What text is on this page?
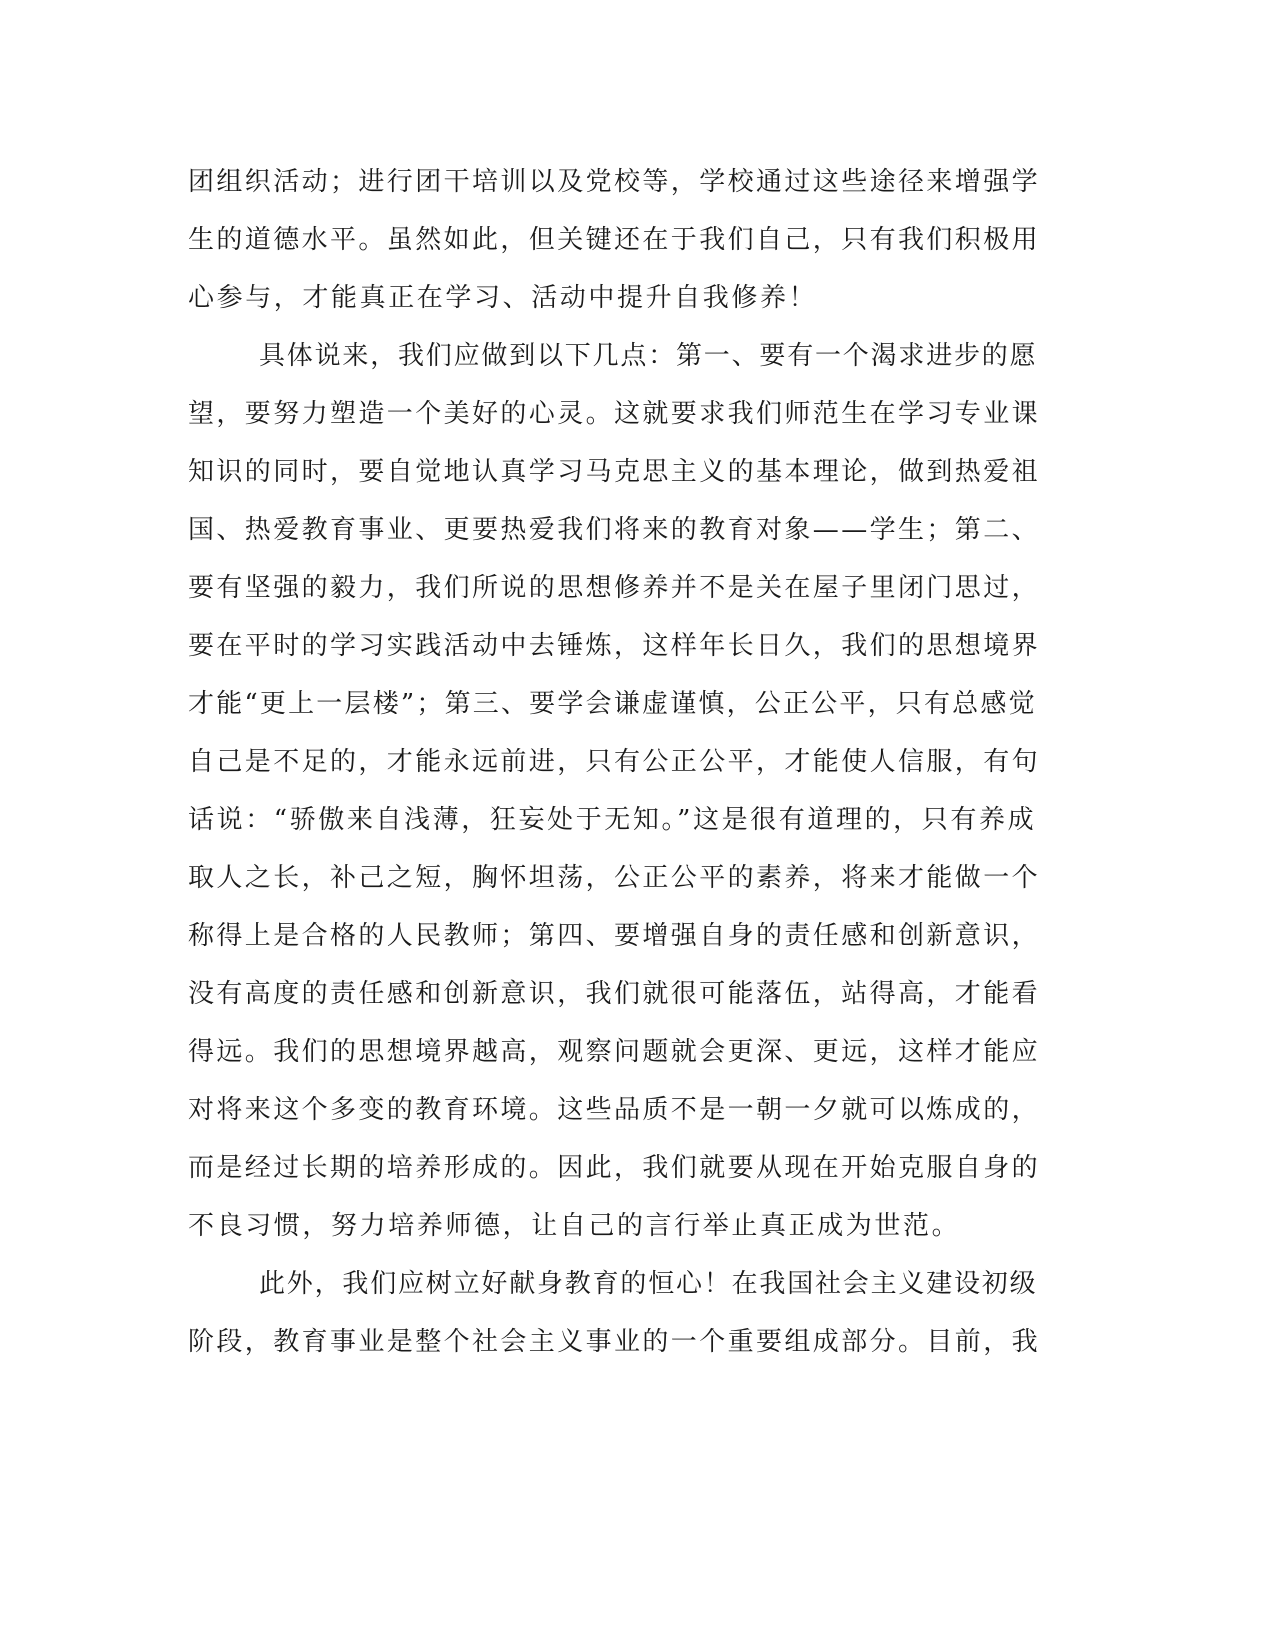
团组织活动；进行团干培训以及党校等，学校通过这些途径来增强学
生的道德水平。虽然如此，但关键还在于我们自己，只有我们积极用
心参与，才能真正在学习、活动中提升自我修养！
具体说来，我们应做到以下几点：第一、要有一个渴求进步的愿
望，要努力塑造一个美好的心灵。这就要求我们师范生在学习专业课
知识的同时，要自觉地认真学习马克思主义的基本理论，做到热爱祖
国、热爱教育事业、更要热爱我们将来的教育对象——学生；第二、
要有坚强的毅力，我们所说的思想修养并不是关在屋子里闭门思过，
要在平时的学习实践活动中去锤炼，这样年长日久，我们的思想境界
才能“更上一层楼”；第三、要学会谦虚谨慎，公正公平，只有总感觉
自己是不足的，才能永远前进，只有公正公平，才能使人信服，有句
话说：“骄傲来自浅薄，狂妄处于无知。”这是很有道理的，只有养成
取人之长，补己之短，胸怀坦荡，公正公平的素养，将来才能做一个
称得上是合格的人民教师；第四、要增强自身的责任感和创新意识，
没有高度的责任感和创新意识，我们就很可能落伍，站得高，才能看
得远。我们的思想境界越高，观察问题就会更深、更远，这样才能应
对将来这个多变的教育环境。这些品质不是一朝一夕就可以炼成的，
而是经过长期的培养形成的。因此，我们就要从现在开始克服自身的
不良习惯，努力培养师德，让自己的言行举止真正成为世范。
此外，我们应树立好献身教育的恒心！在我国社会主义建设初级
阶段，教育事业是整个社会主义事业的一个重要组成部分。目前，我
